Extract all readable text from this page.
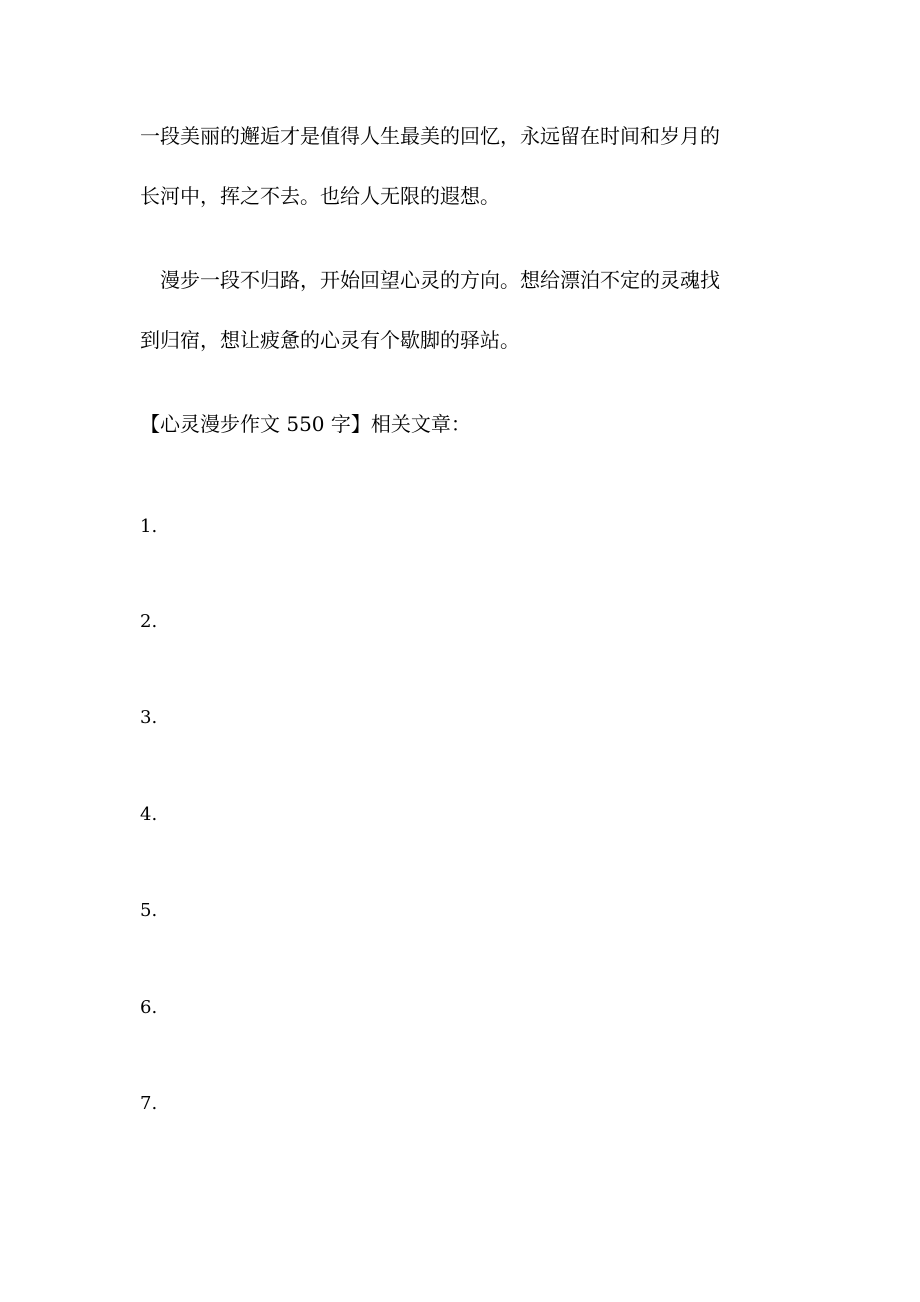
一段美丽的邂逅才是值得人生最美的回忆，永远留在时间和岁月的
长河中，挥之不去。也给人无限的遐想。

　漫步一段不归路，开始回望心灵的方向。想给漂泊不定的灵魂找
到归宿，想让疲惫的心灵有个歇脚的驿站。

【心灵漫步作文 550 字】相关文章：

1.
2.
3.
4.
5.
6.
7.
